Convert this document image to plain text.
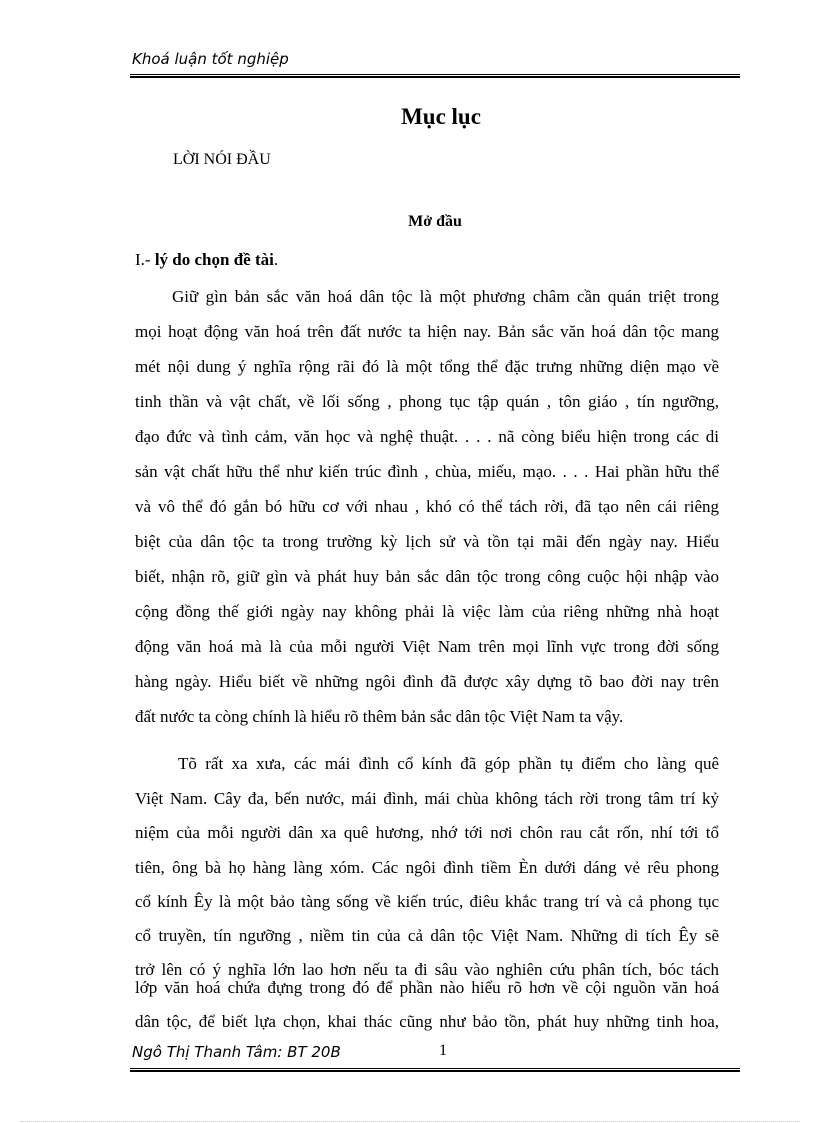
Khoá luận tốt nghiệp
Mục lục
LỜI NÓI ĐẦU
Mở đầu
I.- lý do chọn đề tài.
Giữ gìn bản sắc văn hoá dân tộc là một phương châm cần quán triệt trong
mọi hoạt động văn hoá trên đất nước ta hiện nay. Bản sắc văn hoá dân tộc mang
mét nội dung ý nghĩa rộng rãi đó là một tổng thể đặc trưng những diện mạo về
tinh thần và vật chất, về lối sống , phong tục tập quán , tôn giáo , tín ngưỡng,
đạo đức và tình cảm, văn học và nghệ thuật. . . . nã còng biểu hiện trong các di
sản vật chất hữu thể như kiến trúc đình , chùa, miếu, mạo. . . . Hai phần hữu thể
và vô thể đó gắn bó hữu cơ với nhau , khó có thể tách rời, đã tạo nên cái riêng
biệt của dân tộc ta trong trường kỳ lịch sử và tồn tại mãi đến ngày nay. Hiểu
biết, nhận rõ, giữ gìn và phát huy bản sắc dân tộc trong công cuộc hội nhập vào
cộng đồng thế giới ngày nay không phải là việc làm của riêng những nhà hoạt
động văn hoá mà là của mỗi người Việt Nam trên mọi lĩnh vực trong đời sống
hàng ngày. Hiểu biết về những ngôi đình đã được xây dựng tõ bao đời nay trên
đất nước ta còng chính là hiểu rõ thêm bản sắc dân tộc Việt Nam ta vậy.
Tõ rất xa xưa, các mái đình cổ kính đã góp phần tụ điểm cho làng quê
Việt Nam. Cây đa, bến nước, mái đình, mái chùa không tách rời trong tâm trí kỷ
niệm của mỗi người dân xa quê hương, nhớ tới nơi chôn rau cắt rốn, nhí tới tổ
tiên, ông bà họ hàng làng xóm. Các ngôi đình tiềm Èn dưới dáng vẻ rêu phong
cổ kính Êy là một bảo tàng sống về kiến trúc, điêu khắc trang trí và cả phong tục
cổ truyền, tín ngưỡng , niềm tin của cả dân tộc Việt Nam. Những di tích Êy sẽ
trở lên có ý nghĩa lớn lao hơn nếu ta đi sâu vào nghiên cứu phân tích, bóc tách
lớp văn hoá chứa đựng trong đó để phần nào hiểu rõ hơn về cội nguồn văn hoá
dân tộc, để biết lựa chọn, khai thác cũng như bảo tồn, phát huy những tinh hoa,
Ngô Thị Thanh Tâm: BT 20B	1
